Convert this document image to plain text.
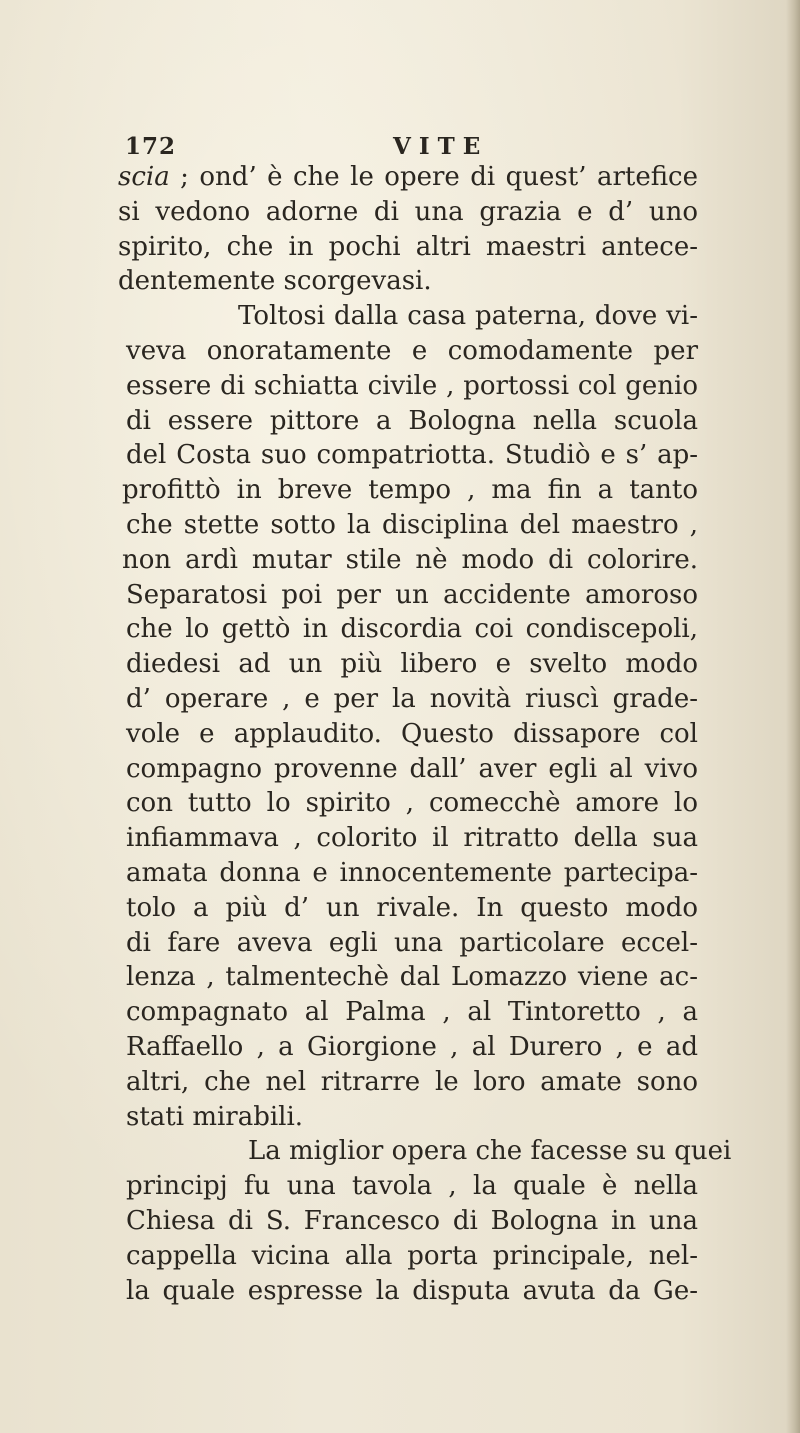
172	VITE
scia ; ond’ è che le opere di quest’ artefice
si vedono adorne di una grazia e d’ uno
spirito, che in pochi altri maestri antece-
dentemente scorgevasi.
Toltosi dalla casa paterna, dove vi-
veva onoratamente e comodamente per
essere di schiatta civile , portossi col genio
di essere pittore a Bologna nella scuola
del Costa suo compatriotta. Studiò e s’ ap-
profittò in breve tempo , ma fin a tanto
che stette sotto la disciplina del maestro ,
non ardì mutar stile nè modo di colorire.
Separatosi poi per un accidente amoroso
che lo gettò in discordia coi condiscepoli,
diedesi ad un più libero e svelto modo
d’ operare , e per la novità riuscì grade-
vole e applaudito. Questo dissapore col
compagno provenne dall’ aver egli al vivo
con tutto lo spirito , comecchè amore lo
infiammava , colorito il ritratto della sua
amata donna e innocentemente partecipa-
tolo a più d’ un rivale. In questo modo
di fare aveva egli una particolare eccel-
lenza , talmentechè dal Lomazzo viene ac-
compagnato al Palma , al Tintoretto , a
Raffaello , a Giorgione , al Durero , e ad
altri, che nel ritrarre le loro amate sono
stati mirabili.
La miglior opera che facesse su quei
principj fu una tavola , la quale è nella
Chiesa di S. Francesco di Bologna in una
cappella vicina alla porta principale, nel-
la quale espresse la disputa avuta da Ge-
